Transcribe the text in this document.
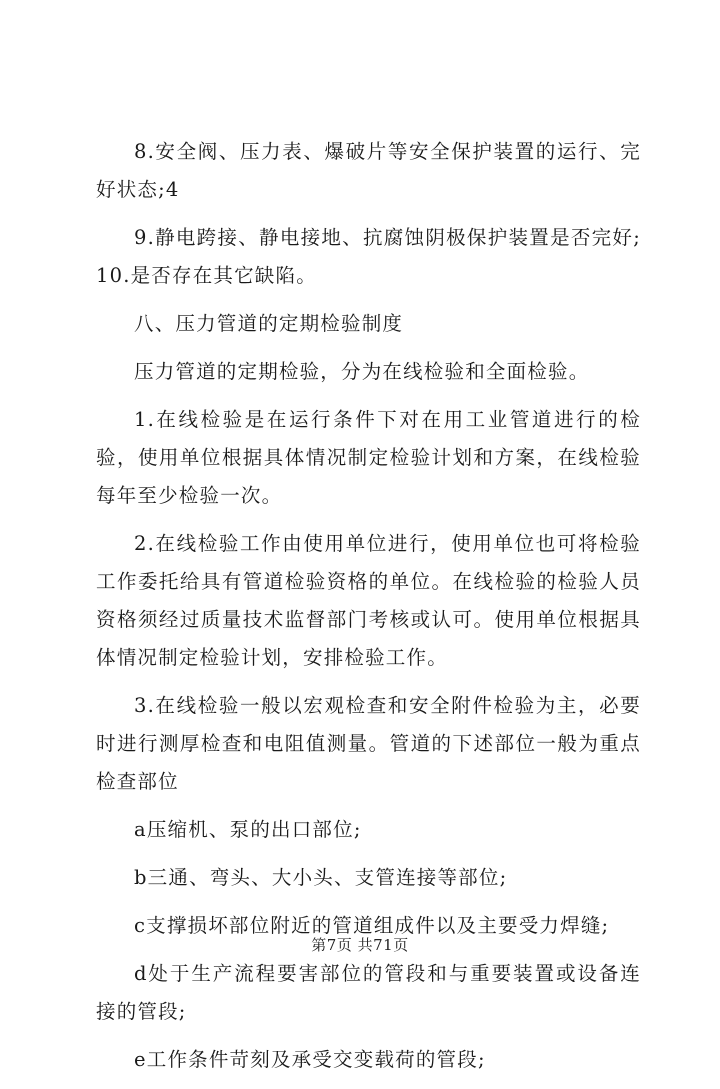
8.安全阀、压力表、爆破片等安全保护装置的运行、完好状态;4

9.静电跨接、静电接地、抗腐蚀阴极保护装置是否完好;10.是否存在其它缺陷。

八、压力管道的定期检验制度

压力管道的定期检验，分为在线检验和全面检验。

1.在线检验是在运行条件下对在用工业管道进行的检验，使用单位根据具体情况制定检验计划和方案，在线检验每年至少检验一次。

2.在线检验工作由使用单位进行，使用单位也可将检验工作委托给具有管道检验资格的单位。在线检验的检验人员资格须经过质量技术监督部门考核或认可。使用单位根据具体情况制定检验计划，安排检验工作。

3.在线检验一般以宏观检查和安全附件检验为主，必要时进行测厚检查和电阻值测量。管道的下述部位一般为重点检查部位

a压缩机、泵的出口部位;

b三通、弯头、大小头、支管连接等部位;

c支撑损坏部位附近的管道组成件以及主要受力焊缝;

d处于生产流程要害部位的管段和与重要装置或设备连接的管段;

e工作条件苛刻及承受交变载荷的管段;

第7页 共71页
